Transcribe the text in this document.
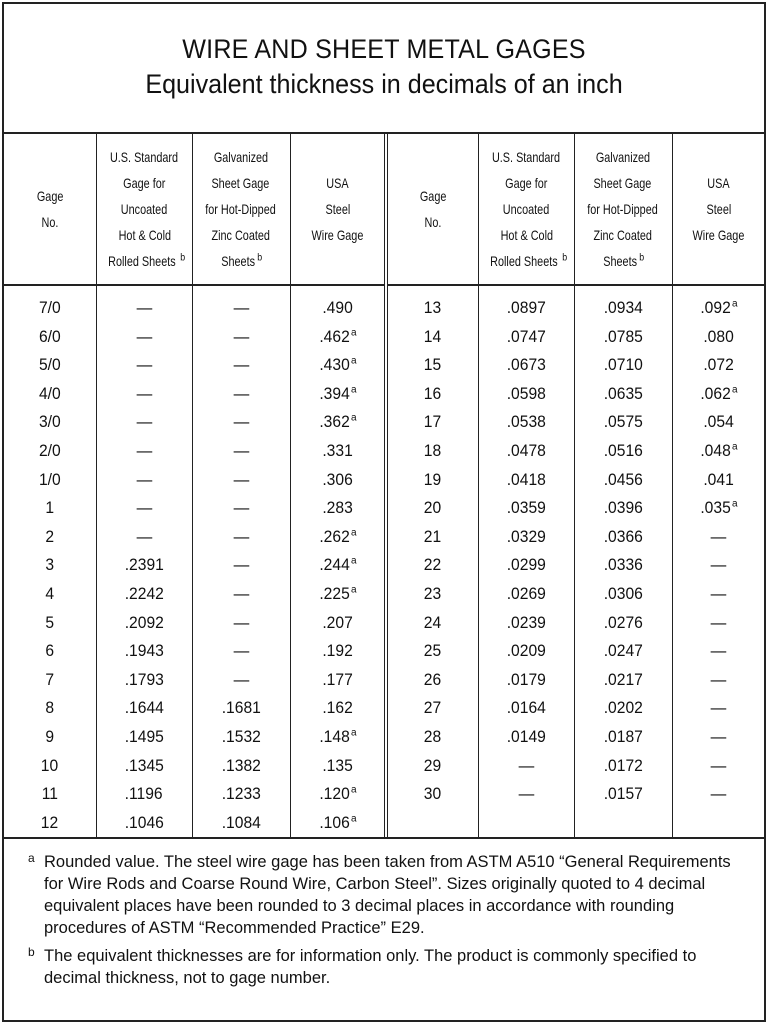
WIRE AND SHEET METAL GAGES
Equivalent thickness in decimals of an inch
Gage
No.	U.S. Standard
Gage for
Uncoated
Hot & Cold
Rolled Sheets $^b$	Galvanized
Sheet Gage
for Hot-Dipped
Zinc Coated
Sheets $^b$	USA
Steel
Wire Gage	Gage
No.	U.S. Standard
Gage for
Uncoated
Hot & Cold
Rolled Sheets $^b$	Galvanized
Sheet Gage
for Hot-Dipped
Zinc Coated
Sheets $^b$	USA
Steel
Wire Gage
7/0	—	—	.490	13	.0897	.0934	.092$^a$
6/0	—	—	.462$^a$	14	.0747	.0785	.080
5/0	—	—	.430$^a$	15	.0673	.0710	.072
4/0	—	—	.394$^a$	16	.0598	.0635	.062$^a$
3/0	—	—	.362$^a$	17	.0538	.0575	.054
2/0	—	—	.331	18	.0478	.0516	.048$^a$
1/0	—	—	.306	19	.0418	.0456	.041
1	—	—	.283	20	.0359	.0396	.035$^a$
2	—	—	.262$^a$	21	.0329	.0366	—
3	.2391	—	.244$^a$	22	.0299	.0336	—
4	.2242	—	.225$^a$	23	.0269	.0306	—
5	.2092	—	.207	24	.0239	.0276	—
6	.1943	—	.192	25	.0209	.0247	—
7	.1793	—	.177	26	.0179	.0217	—
8	.1644	.1681	.162	27	.0164	.0202	—
9	.1495	.1532	.148$^a$	28	.0149	.0187	—
10	.1345	.1382	.135	29	—	.0172	—
11	.1196	.1233	.120$^a$	30	—	.0157	—
12	.1046	.1084	.106$^a$				
a Rounded value. The steel wire gage has been taken from ASTM A510 “General Requirements for Wire Rods and Coarse Round Wire, Carbon Steel”. Sizes originally quoted to 4 decimal equivalent places have been rounded to 3 decimal places in accordance with rounding procedures of ASTM “Recommended Practice” E29.
b The equivalent thicknesses are for information only. The product is commonly specified to decimal thickness, not to gage number.
